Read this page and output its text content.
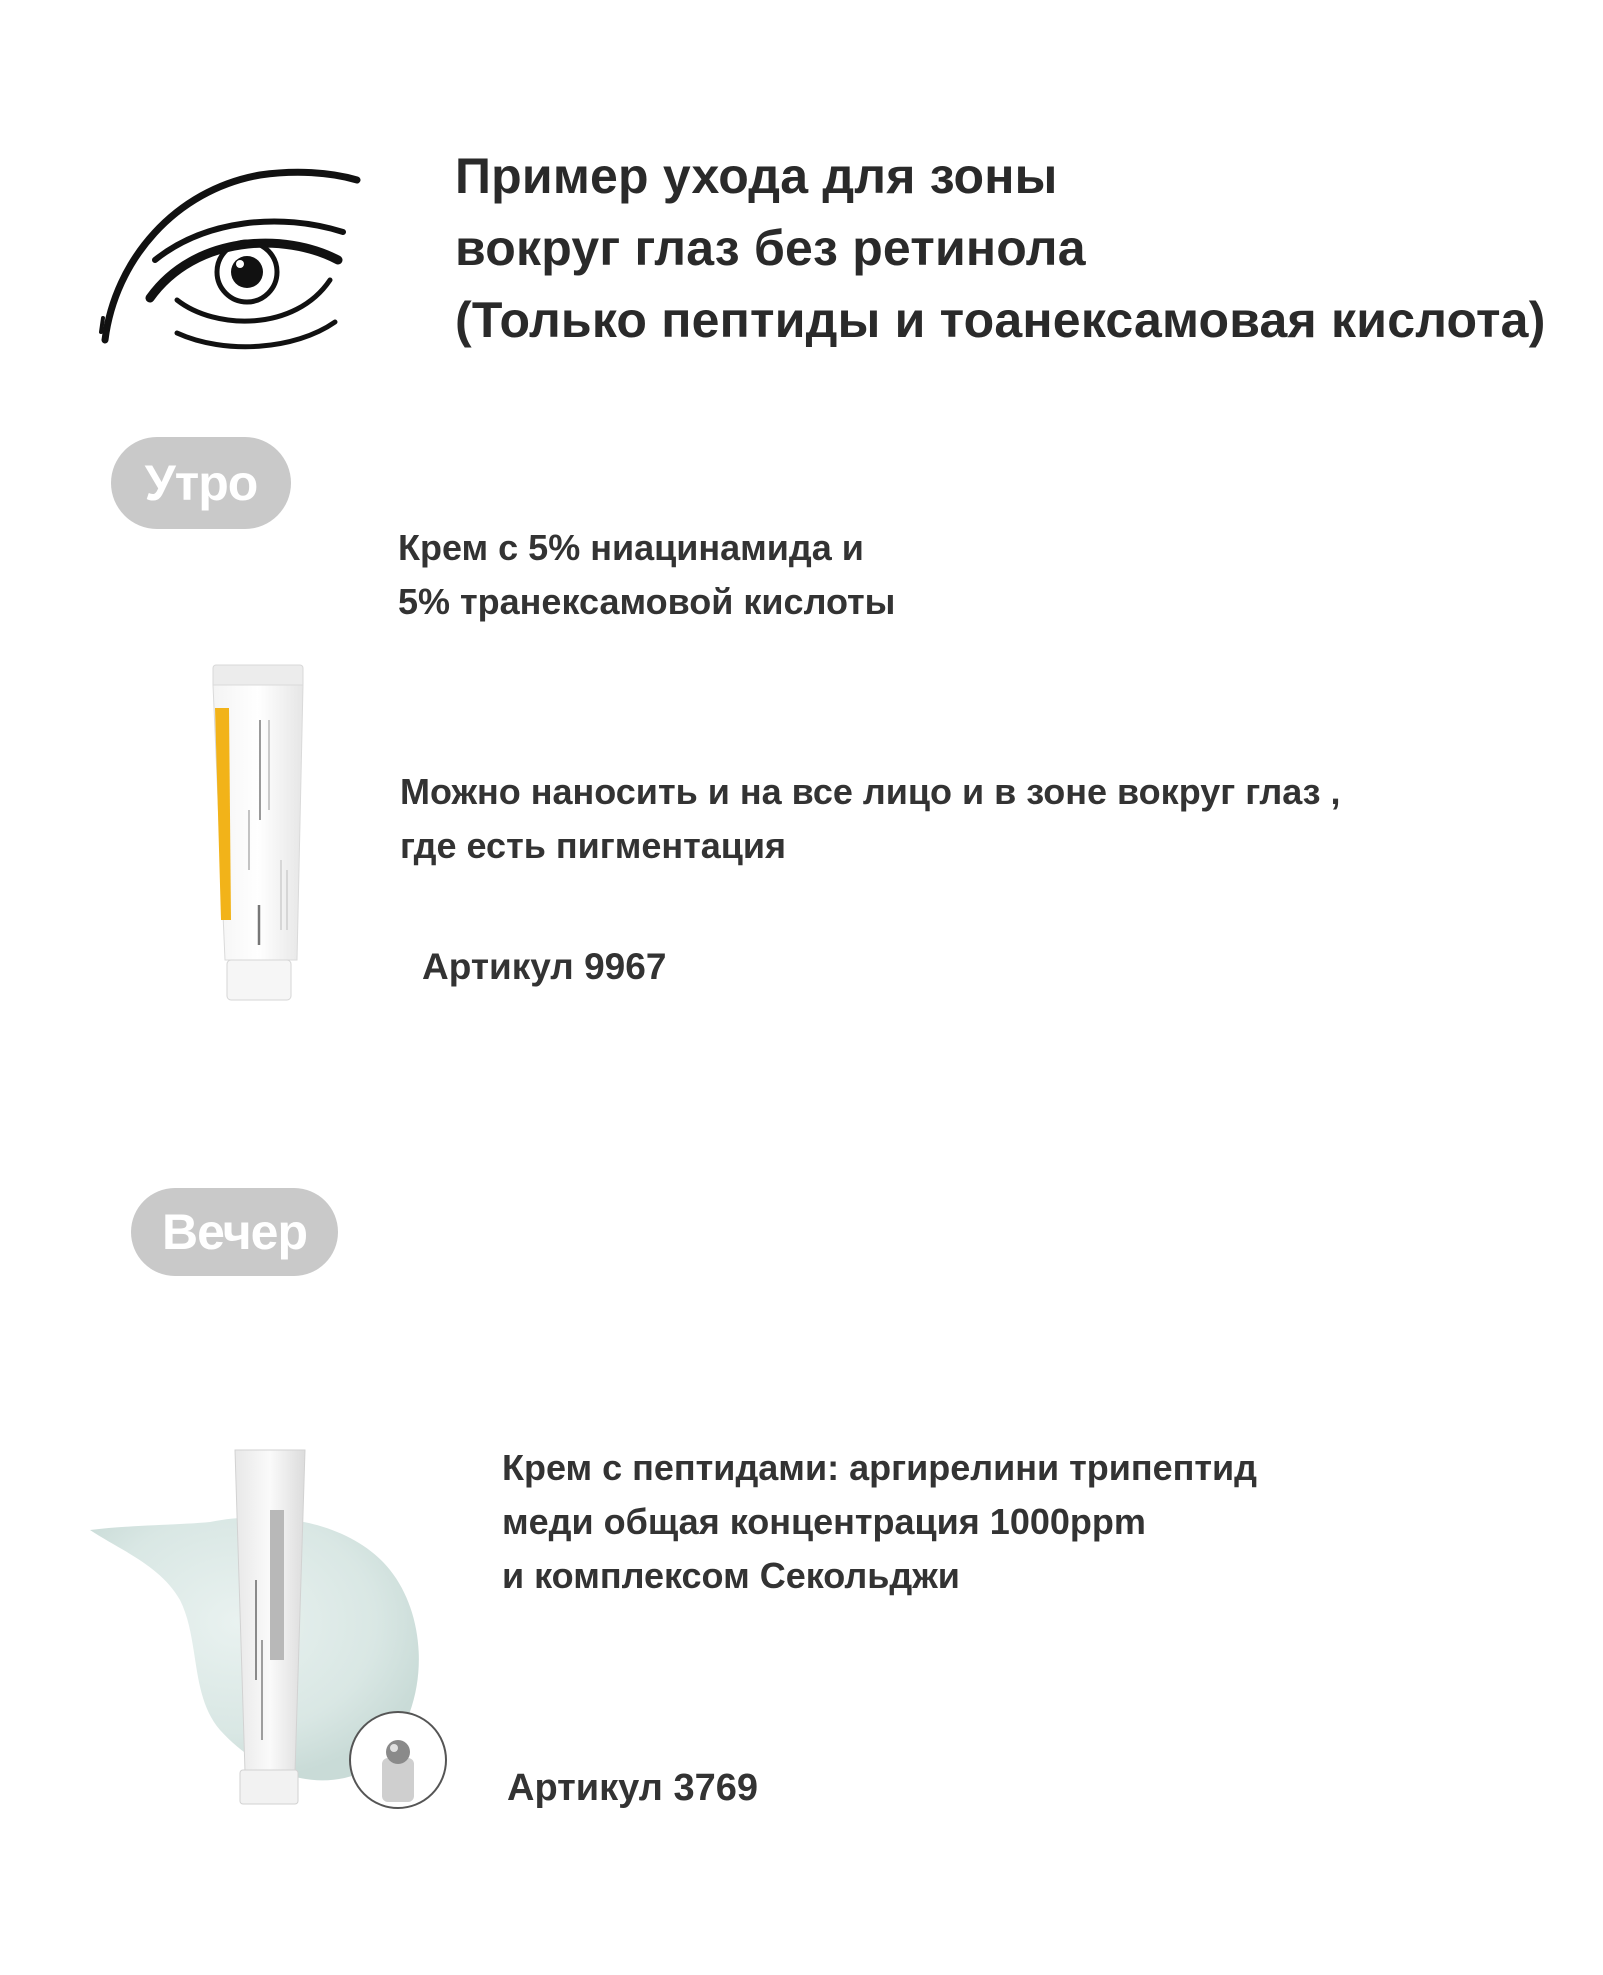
Пример ухода для зоны
вокруг глаз без ретинола
(Только пептиды и тоанексамовая кислота)
Утро
Крем с 5% ниацинамида и
5% транексамовой кислоты
Можно наносить и на все лицо и в зоне вокруг глаз ,
где есть пигментация
Артикул 9967
Вечер
Крем с пептидами: аргирелини трипептид
меди общая концентрация 1000ppm
и комплексом Секольджи
Артикул 3769
